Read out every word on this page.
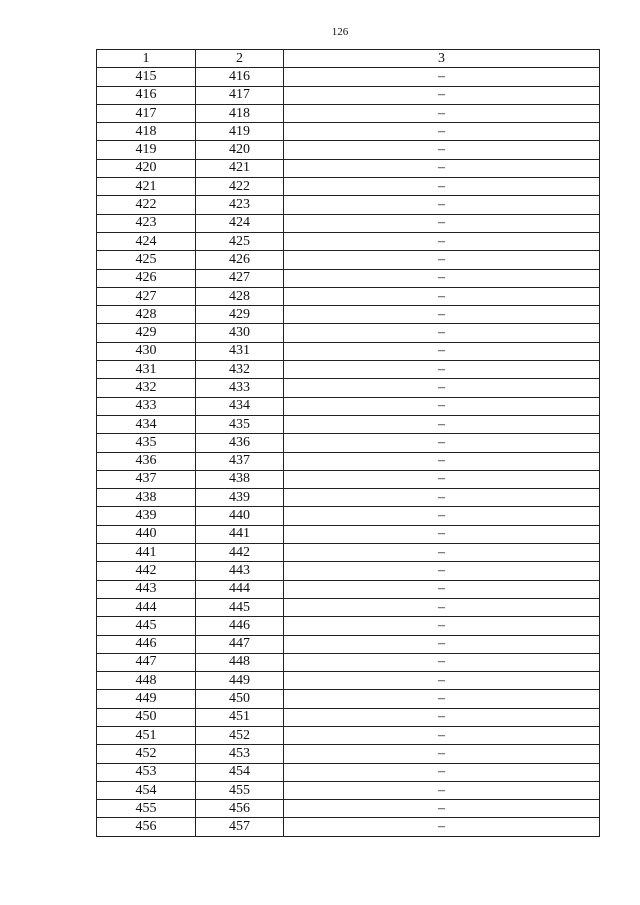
126
1	2	3
415	416	–
416	417	–
417	418	–
418	419	–
419	420	–
420	421	–
421	422	–
422	423	–
423	424	–
424	425	–
425	426	–
426	427	–
427	428	–
428	429	–
429	430	–
430	431	–
431	432	–
432	433	–
433	434	–
434	435	–
435	436	–
436	437	–
437	438	–
438	439	–
439	440	–
440	441	–
441	442	–
442	443	–
443	444	–
444	445	–
445	446	–
446	447	–
447	448	–
448	449	–
449	450	–
450	451	–
451	452	–
452	453	–
453	454	–
454	455	–
455	456	–
456	457	–
